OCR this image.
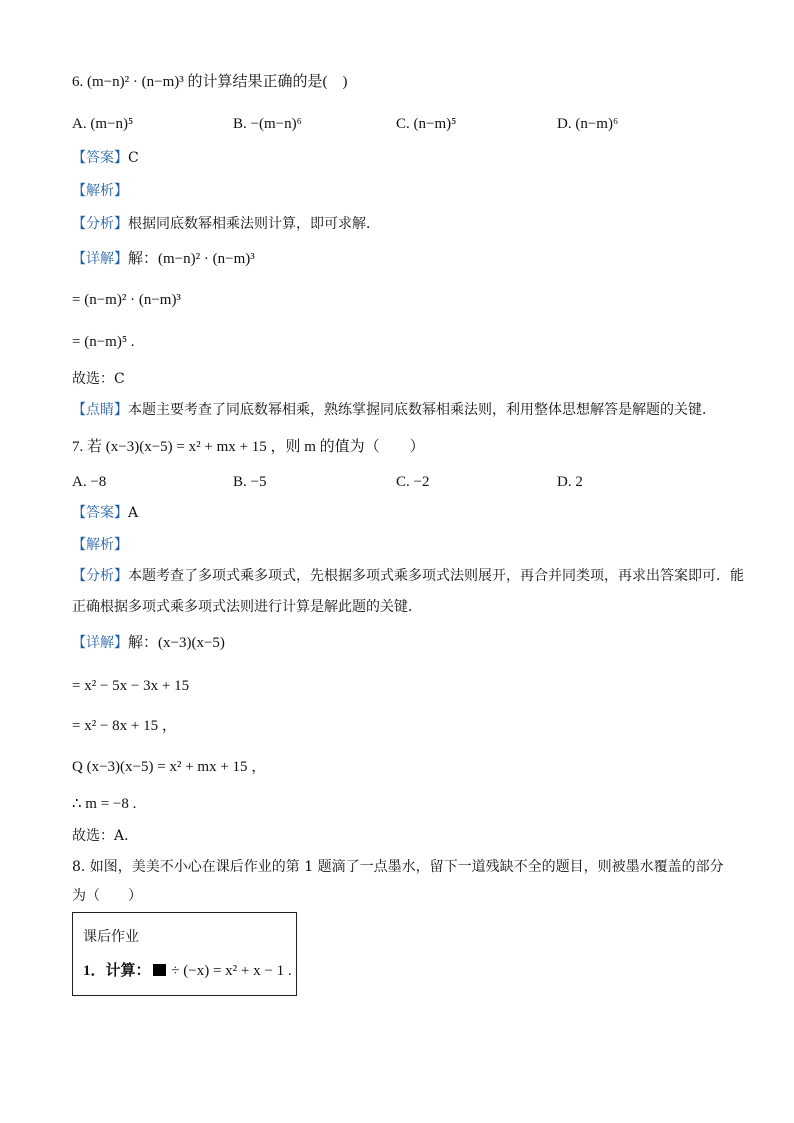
6. (m−n)² · (n−m)³ 的计算结果正确的是(　)
A. (m−n)⁵	B. −(m−n)⁶	C. (n−m)⁵	D. (n−m)⁶
【答案】C
【解析】
【分析】根据同底数幂相乘法则计算，即可求解．
【详解】解：(m−n)² · (n−m)³
= (n−m)² · (n−m)³
= (n−m)⁵ .
故选：C
【点睛】本题主要考查了同底数幂相乘，熟练掌握同底数幂相乘法则，利用整体思想解答是解题的关键．
7. 若 (x−3)(x−5) = x² + mx + 15 ，则 m 的值为（　　）
A. −8	B. −5	C. −2	D. 2
【答案】A
【解析】
【分析】本题考查了多项式乘多项式，先根据多项式乘多项式法则展开，再合并同类项，再求出答案即可．能
正确根据多项式乘多项式法则进行计算是解此题的关键．
【详解】解：(x−3)(x−5)
= x² − 5x − 3x + 15
= x² − 8x + 15 ，
Q (x−3)(x−5) = x² + mx + 15 ，
∴ m = −8 .
故选：A．
8. 如图，美美不小心在课后作业的第 1 题滴了一点墨水，留下一道残缺不全的题目，则被墨水覆盖的部分
为（　　）
课后作业
1．计算： ÷ (−x) = x² + x − 1 .
